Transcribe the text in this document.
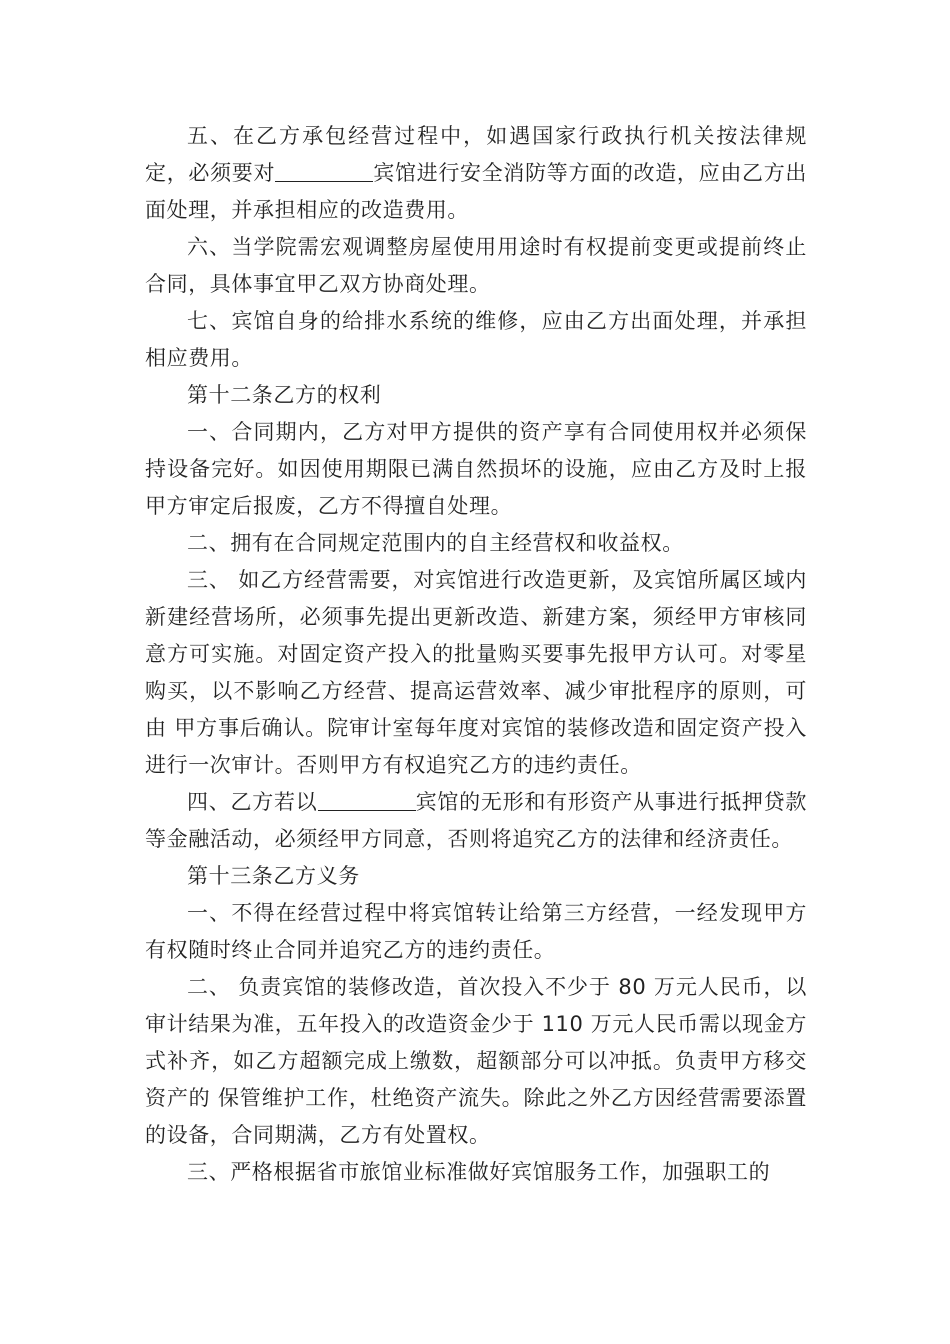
五、在乙方承包经营过程中，如遇国家行政执行机关按法律规定，必须要对	宾馆进行安全消防等方面的改造，应由乙方出面处理，并承担相应的改造费用。

六、当学院需宏观调整房屋使用用途时有权提前变更或提前终止合同，具体事宜甲乙双方协商处理。

七、宾馆自身的给排水系统的维修，应由乙方出面处理，并承担相应费用。

第十二条乙方的权利

一、合同期内，乙方对甲方提供的资产享有合同使用权并必须保持设备完好。如因使用期限已满自然损坏的设施，应由乙方及时上报甲方审定后报废，乙方不得擅自处理。

二、拥有在合同规定范围内的自主经营权和收益权。

三、 如乙方经营需要，对宾馆进行改造更新，及宾馆所属区域内新建经营场所，必须事先提出更新改造、新建方案，须经甲方审核同意方可实施。对固定资产投入的批量购买要事先报甲方认可。对零星购买，以不影响乙方经营、提高运营效率、减少审批程序的原则，可由 甲方事后确认。院审计室每年度对宾馆的装修改造和固定资产投入进行一次审计。否则甲方有权追究乙方的违约责任。

四、乙方若以	宾馆的无形和有形资产从事进行抵押贷款 等金融活动，必须经甲方同意，否则将追究乙方的法律和经济责任。

第十三条乙方义务

一、不得在经营过程中将宾馆转让给第三方经营，一经发现甲方有权随时终止合同并追究乙方的违约责任。

二、 负责宾馆的装修改造，首次投入不少于 80 万元人民币，以审计结果为准，五年投入的改造资金少于 110 万元人民币需以现金方式补齐，如乙方超额完成上缴数，超额部分可以冲抵。负责甲方移交资产的 保管维护工作，杜绝资产流失。除此之外乙方因经营需要添置的设备，合同期满，乙方有处置权。

三、严格根据省市旅馆业标准做好宾馆服务工作，加强职工的
